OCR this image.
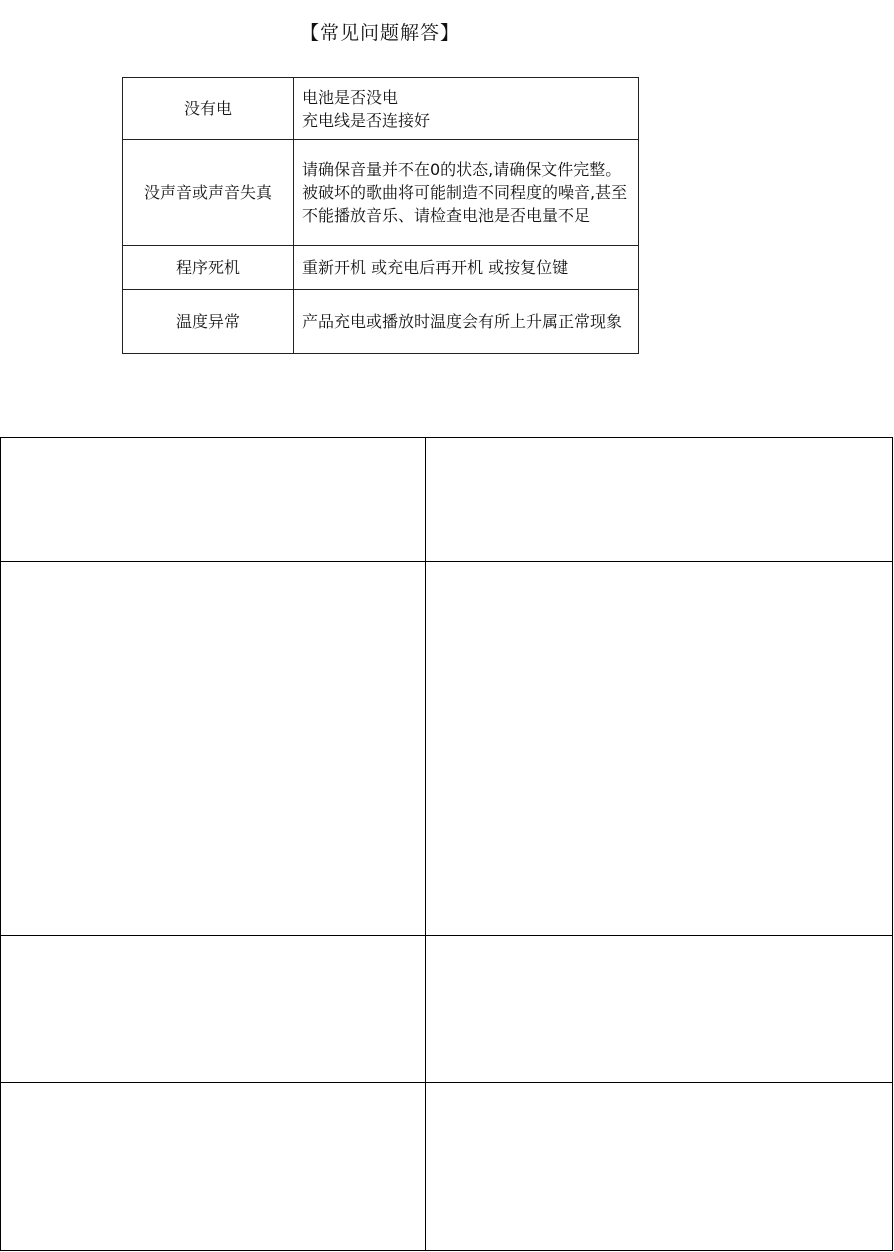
【常见问题解答】
没有电	电池是否没电
充电线是否连接好
没声音或声音失真	请确保音量并不在0的状态,请确保文件完整。被破坏的歌曲将可能制造不同程度的噪音,甚至不能播放音乐、请检查电池是否电量不足
程序死机	重新开机 或充电后再开机 或按复位键
温度异常	产品充电或播放时温度会有所上升属正常现象
